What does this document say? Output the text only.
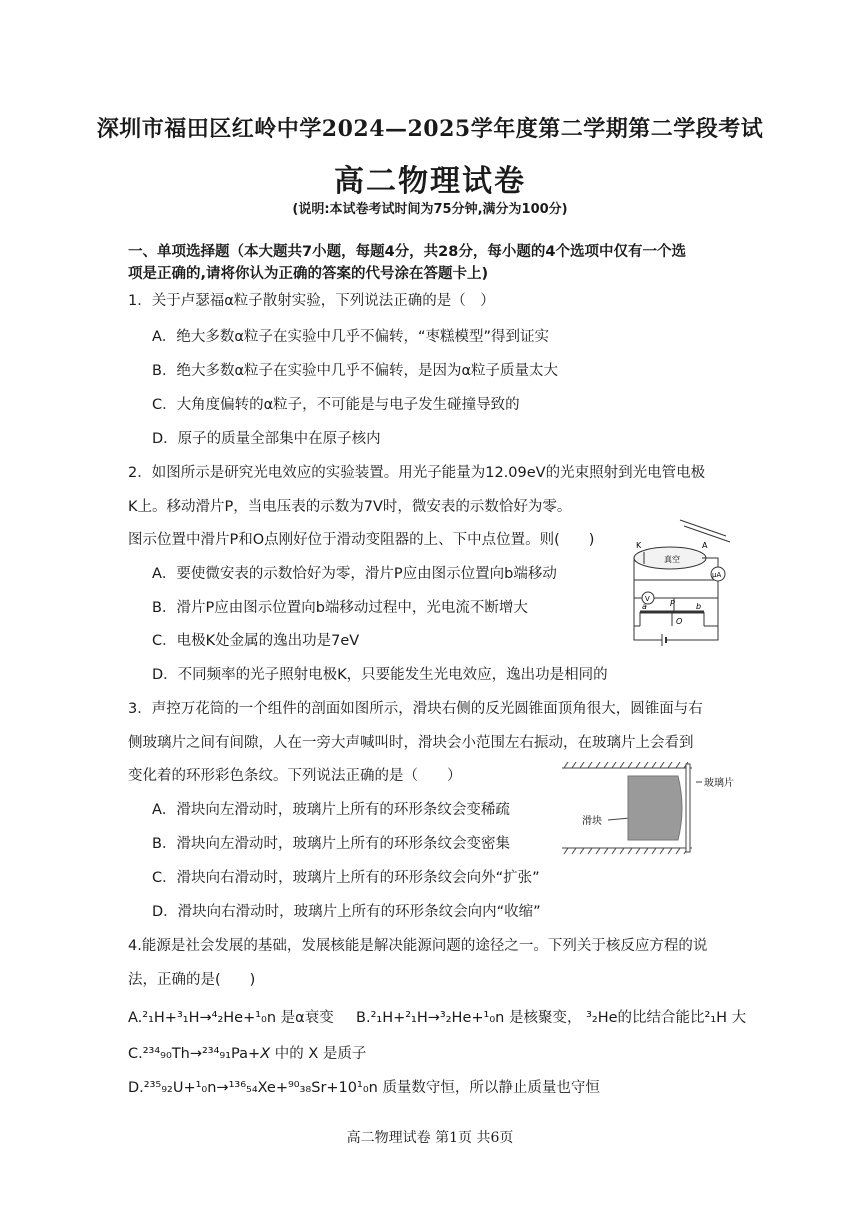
深圳市福田区红岭中学2024—2025学年度第二学期第二学段考试
高二物理试卷
(说明:本试卷考试时间为75分钟,满分为100分)
一、单项选择题（本大题共7小题，每题4分，共28分，每小题的4个选项中仅有一个选
项是正确的,请将你认为正确的答案的代号涂在答题卡上)
1．关于卢瑟福α粒子散射实验，下列说法正确的是（　）
A．绝大多数α粒子在实验中几乎不偏转，“枣糕模型”得到证实
B．绝大多数α粒子在实验中几乎不偏转，是因为α粒子质量太大
C．大角度偏转的α粒子，不可能是与电子发生碰撞导致的
D．原子的质量全部集中在原子核内
2．如图所示是研究光电效应的实验装置。用光子能量为12.09eV的光束照射到光电管电极
K上。移动滑片P，当电压表的示数为7V时，微安表的示数恰好为零。
图示位置中滑片P和O点刚好位于滑动变阻器的上、下中点位置。则(　　)
A．要使微安表的示数恰好为零，滑片P应由图示位置向b端移动
B．滑片P应由图示位置向b端移动过程中，光电流不断增大
C．电极K处金属的逸出功是7eV
D．不同频率的光子照射电极K，只要能发生光电效应，逸出功是相同的
K	A
真空
μA
V	P
a	b
O
3．声控万花筒的一个组件的剖面如图所示，滑块右侧的反光圆锥面顶角很大，圆锥面与右
侧玻璃片之间有间隙，人在一旁大声喊叫时，滑块会小范围左右振动，在玻璃片上会看到
变化着的环形彩色条纹。下列说法正确的是（　　）
A．滑块向左滑动时，玻璃片上所有的环形条纹会变稀疏
B．滑块向左滑动时，玻璃片上所有的环形条纹会变密集
C．滑块向右滑动时，玻璃片上所有的环形条纹会向外“扩张”
D．滑块向右滑动时，玻璃片上所有的环形条纹会向内“收缩”
玻璃片
滑块
4.能源是社会发展的基础，发展核能是解决能源问题的途径之一。下列关于核反应方程的说
法，正确的是(　　)
A.²₁H+³₁H→⁴₂He+¹₀n 是α衰变 B.²₁H+²₁H→³₂He+¹₀n 是核聚变， ³₂He的比结合能比²₁H 大
C.²³⁴₉₀Th→²³⁴₉₁Pa+X 中的 X 是质子
D.²³⁵₉₂U+¹₀n→¹³⁶₅₄Xe+⁹⁰₃₈Sr+10¹₀n 质量数守恒，所以静止质量也守恒
高二物理试卷 第1页 共6页
